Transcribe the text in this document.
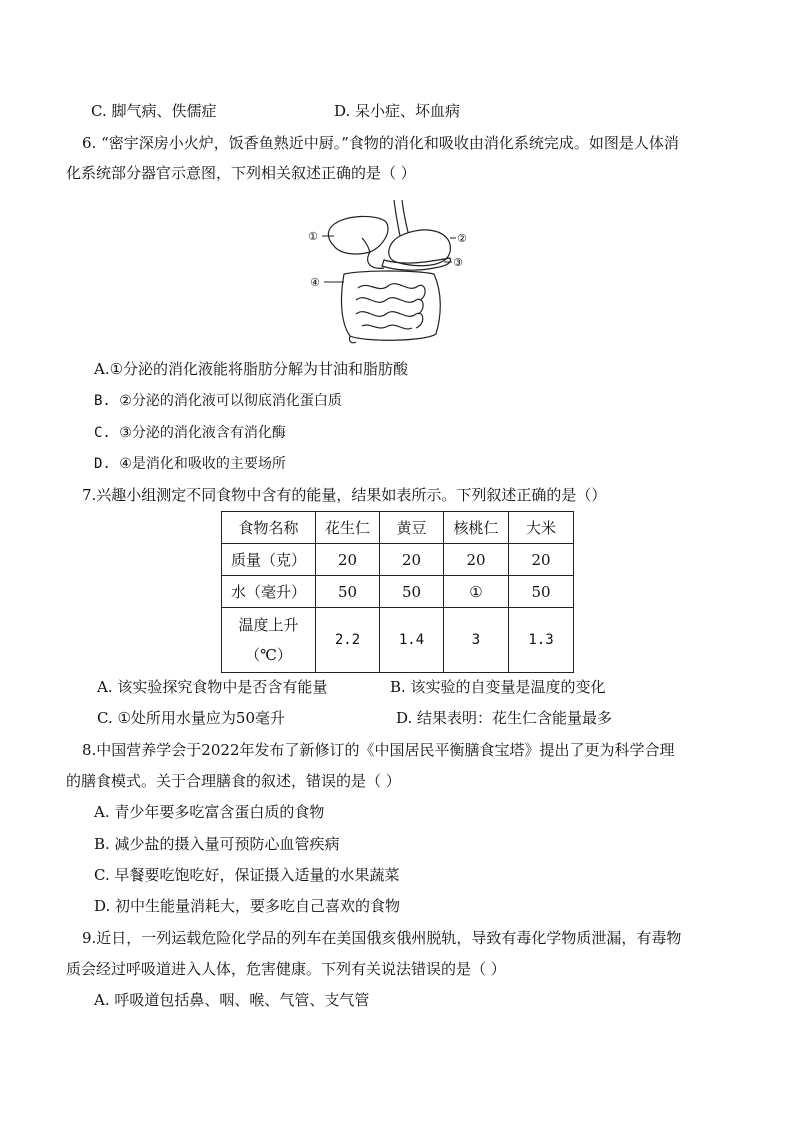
C. 脚气病、佚儒症	D. 呆小症、坏血病
6. “密宇深房小火炉，饭香鱼熟近中厨。”食物的消化和吸收由消化系统完成。如图是人体消
化系统部分器官示意图，下列相关叙述正确的是（ ）
①	②
③
④
A.①分泌的消化液能将脂肪分解为甘油和脂肪酸
B. ②分泌的消化液可以彻底消化蛋白质
C. ③分泌的消化液含有消化酶
D. ④是消化和吸收的主要场所
7.兴趣小组测定不同食物中含有的能量，结果如表所示。下列叙述正确的是（）
食物名称	花生仁	黄豆	核桃仁	大米
质量（克）	20	20	20	20
水（毫升）	50	50	①	50

温度上升
（℃）	2.2	1.4	3	1.3
A. 该实验探究食物中是否含有能量	B. 该实验的自变量是温度的变化
C. ①处所用水量应为50毫升	D. 结果表明：花生仁含能量最多
8.中国营养学会于2022年发布了新修订的《中国居民平衡膳食宝塔》提出了更为科学合理
的膳食模式。关于合理膳食的叙述，错误的是（ ）
A. 青少年要多吃富含蛋白质的食物
B. 减少盐的摄入量可预防心血管疾病
C. 早餐要吃饱吃好，保证摄入适量的水果蔬菜
D. 初中生能量消耗大，要多吃自己喜欢的食物
9.近日，一列运载危险化学品的列车在美国俄亥俄州脱轨，导致有毒化学物质泄漏，有毒物
质会经过呼吸道进入人体，危害健康。下列有关说法错误的是（ ）
A. 呼吸道包括鼻、咽、喉、气管、支气管
